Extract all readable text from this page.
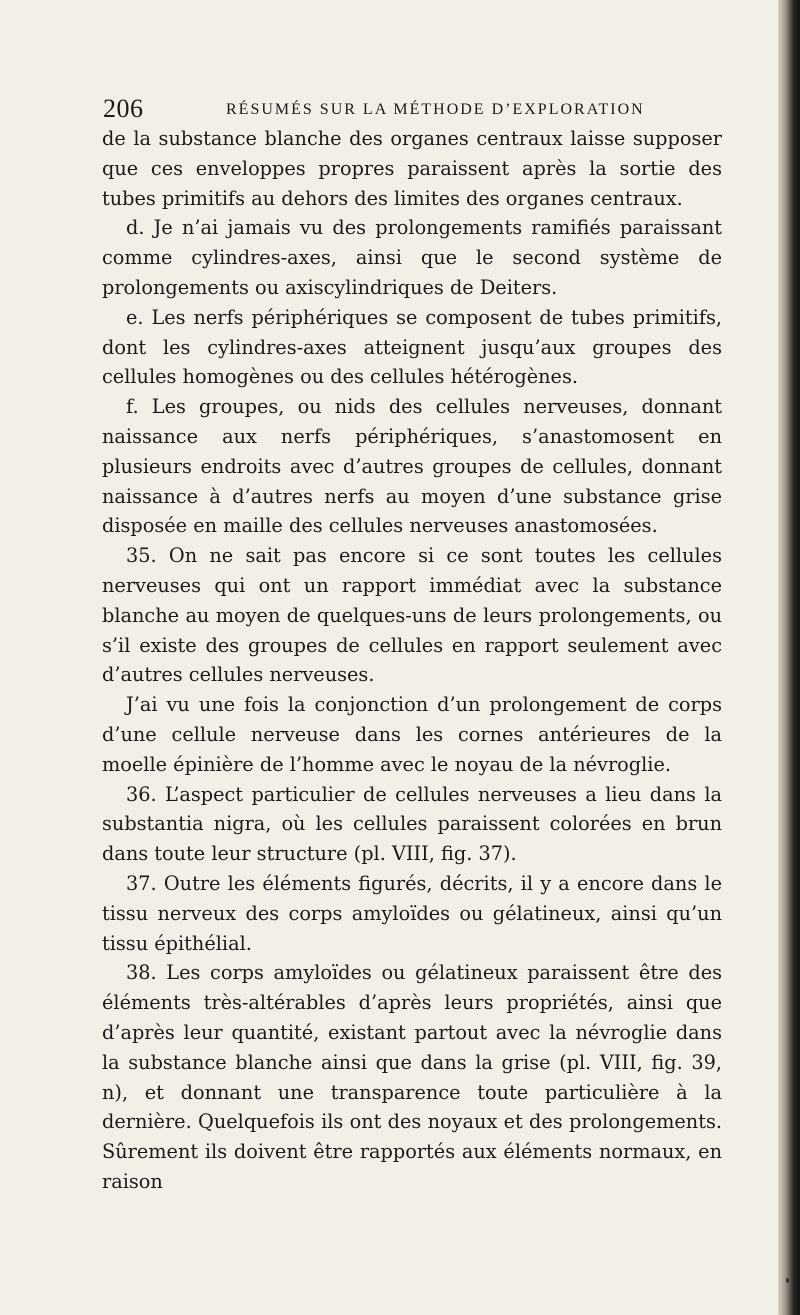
206	RÉSUMÉS SUR LA MÉTHODE D’EXPLORATION

de la substance blanche des organes centraux laisse supposer que ces enveloppes propres paraissent après la sortie des tubes primitifs au dehors des limites des organes centraux.

d. Je n’ai jamais vu des prolongements ramifiés paraissant comme cylindres-axes, ainsi que le second système de prolongements ou axiscylindriques de Deiters.

e. Les nerfs périphériques se composent de tubes primitifs, dont les cylindres-axes atteignent jusqu’aux groupes des cellules homogènes ou des cellules hétérogènes.

f. Les groupes, ou nids des cellules nerveuses, donnant naissance aux nerfs périphériques, s’anastomosent en plusieurs endroits avec d’autres groupes de cellules, donnant naissance à d’autres nerfs au moyen d’une substance grise disposée en maille des cellules nerveuses anastomosées.

35. On ne sait pas encore si ce sont toutes les cellules nerveuses qui ont un rapport immédiat avec la substance blanche au moyen de quelques-uns de leurs prolongements, ou s’il existe des groupes de cellules en rapport seulement avec d’autres cellules nerveuses.

J’ai vu une fois la conjonction d’un prolongement de corps d’une cellule nerveuse dans les cornes antérieures de la moelle épinière de l’homme avec le noyau de la névroglie.

36. L’aspect particulier de cellules nerveuses a lieu dans la substantia nigra, où les cellules paraissent colorées en brun dans toute leur structure (pl. VIII, fig. 37).

37. Outre les éléments figurés, décrits, il y a encore dans le tissu nerveux des corps amyloïdes ou gélatineux, ainsi qu’un tissu épithélial.

38. Les corps amyloïdes ou gélatineux paraissent être des éléments très-altérables d’après leurs propriétés, ainsi que d’après leur quantité, existant partout avec la névroglie dans la substance blanche ainsi que dans la grise (pl. VIII, fig. 39, n), et donnant une transparence toute particulière à la dernière. Quelquefois ils ont des noyaux et des prolongements. Sûrement ils doivent être rapportés aux éléments normaux, en raison
